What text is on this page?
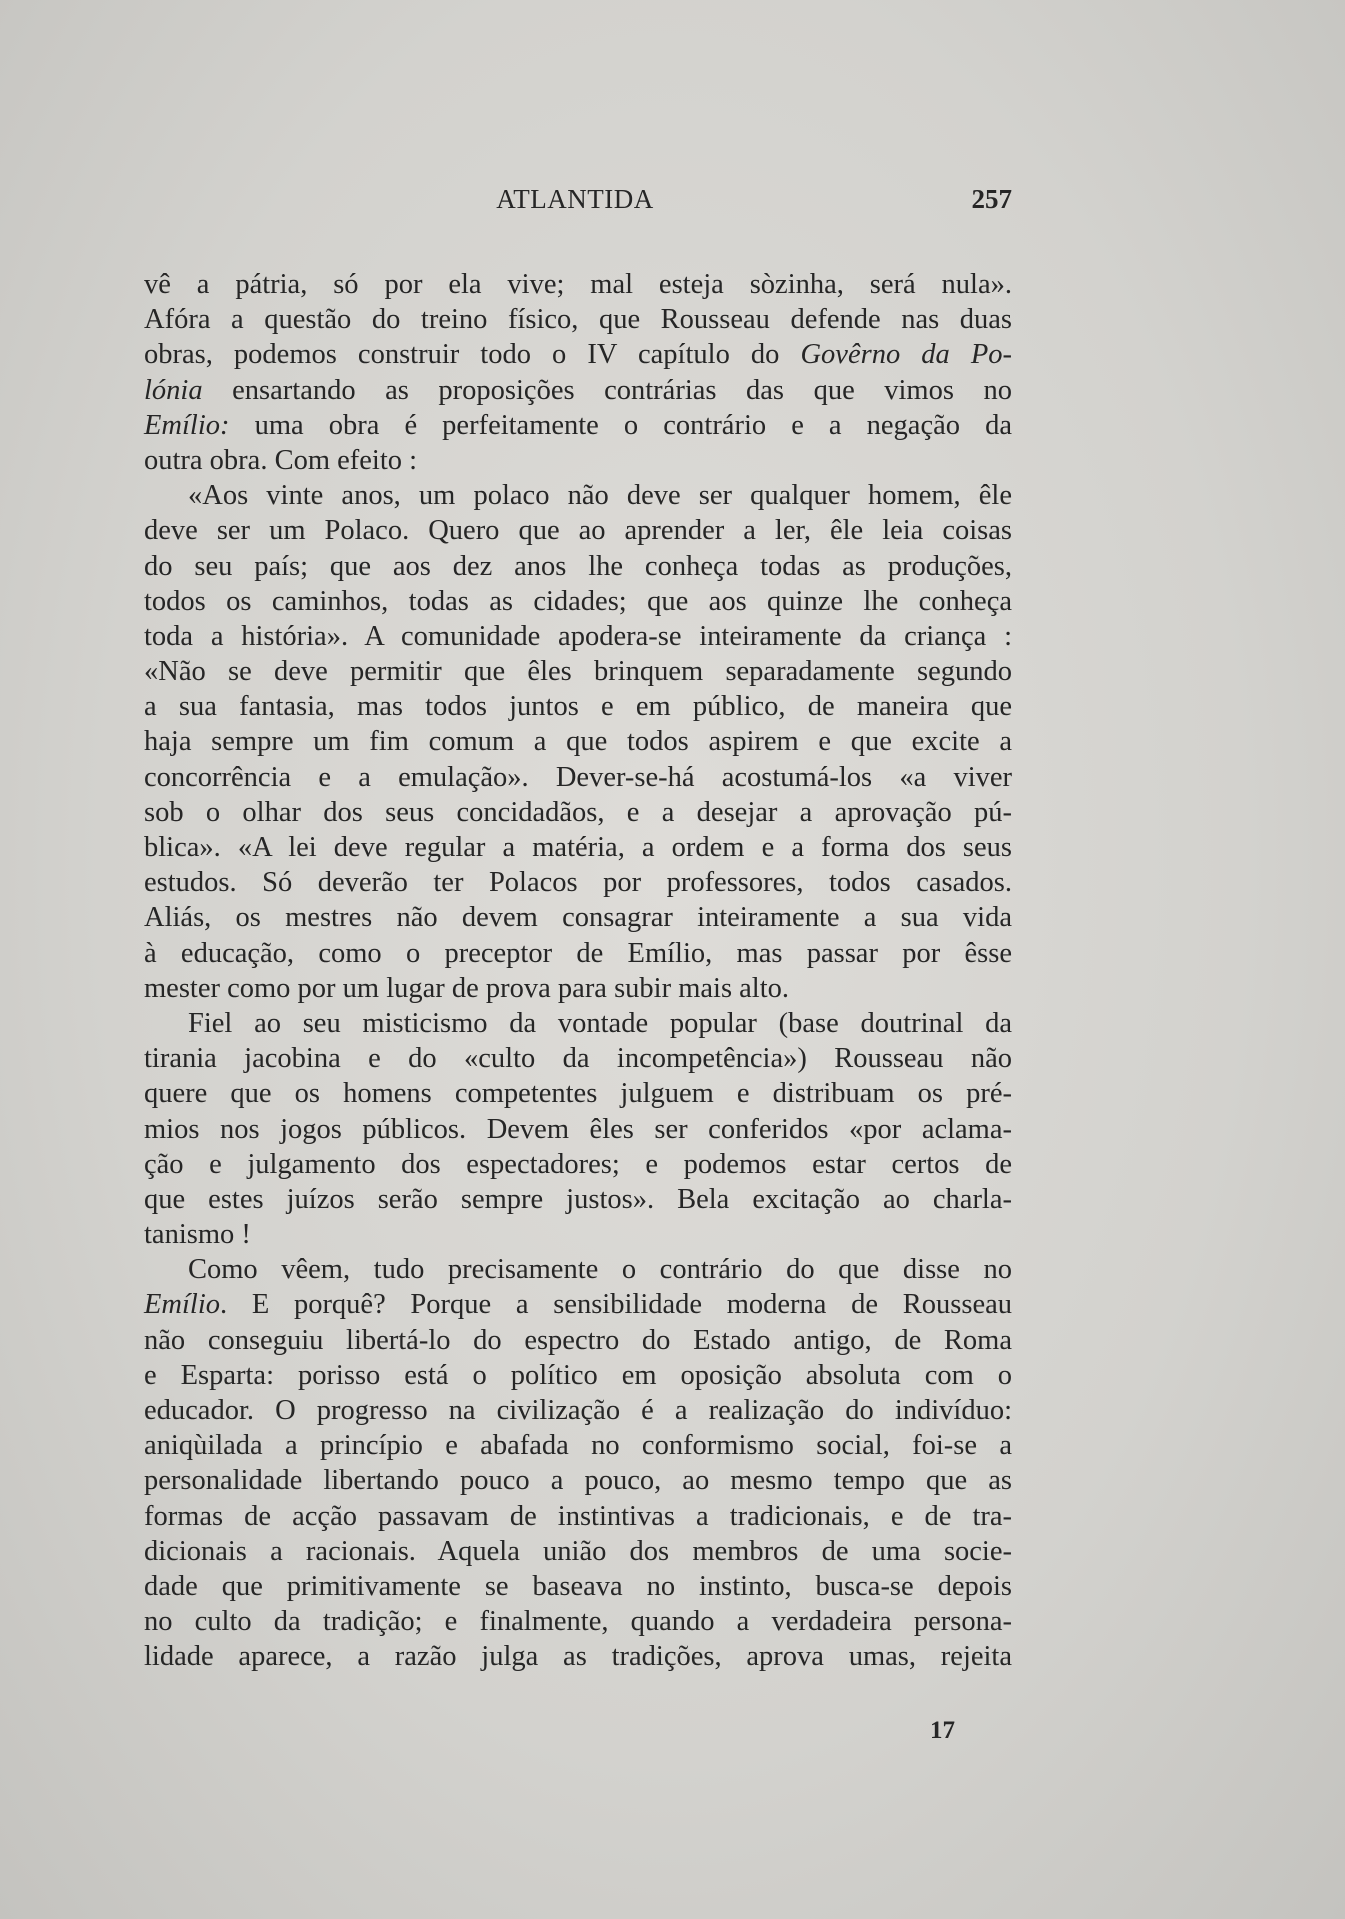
ATLANTIDA	257
vê a pátria, só por ela vive; mal esteja sòzinha, será nula».
Afóra a questão do treino físico, que Rousseau defende nas duas
obras, podemos construir todo o IV capítulo do Govêrno da Po-
lónia ensartando as proposições contrárias das que vimos no
Emílio: uma obra é perfeitamente o contrário e a negação da
outra obra. Com efeito :
«Aos vinte anos, um polaco não deve ser qualquer homem, êle
deve ser um Polaco. Quero que ao aprender a ler, êle leia coisas
do seu país; que aos dez anos lhe conheça todas as produções,
todos os caminhos, todas as cidades; que aos quinze lhe conheça
toda a história». A comunidade apodera-se inteiramente da criança :
«Não se deve permitir que êles brinquem separadamente segundo
a sua fantasia, mas todos juntos e em público, de maneira que
haja sempre um fim comum a que todos aspirem e que excite a
concorrência e a emulação». Dever-se-há acostumá-los «a viver
sob o olhar dos seus concidadãos, e a desejar a aprovação pú-
blica». «A lei deve regular a matéria, a ordem e a forma dos seus
estudos. Só deverão ter Polacos por professores, todos casados.
Aliás, os mestres não devem consagrar inteiramente a sua vida
à educação, como o preceptor de Emílio, mas passar por êsse
mester como por um lugar de prova para subir mais alto.
Fiel ao seu misticismo da vontade popular (base doutrinal da
tirania jacobina e do «culto da incompetência») Rousseau não
quere que os homens competentes julguem e distribuam os pré-
mios nos jogos públicos. Devem êles ser conferidos «por aclama-
ção e julgamento dos espectadores; e podemos estar certos de
que estes juízos serão sempre justos». Bela excitação ao charla-
tanismo !
Como vêem, tudo precisamente o contrário do que disse no
Emílio. E porquê? Porque a sensibilidade moderna de Rousseau
não conseguiu libertá-lo do espectro do Estado antigo, de Roma
e Esparta: porisso está o político em oposição absoluta com o
educador. O progresso na civilização é a realização do indivíduo:
aniqùilada a princípio e abafada no conformismo social, foi-se a
personalidade libertando pouco a pouco, ao mesmo tempo que as
formas de acção passavam de instintivas a tradicionais, e de tra-
dicionais a racionais. Aquela união dos membros de uma socie-
dade que primitivamente se baseava no instinto, busca-se depois
no culto da tradição; e finalmente, quando a verdadeira persona-
lidade aparece, a razão julga as tradições, aprova umas, rejeita
17
